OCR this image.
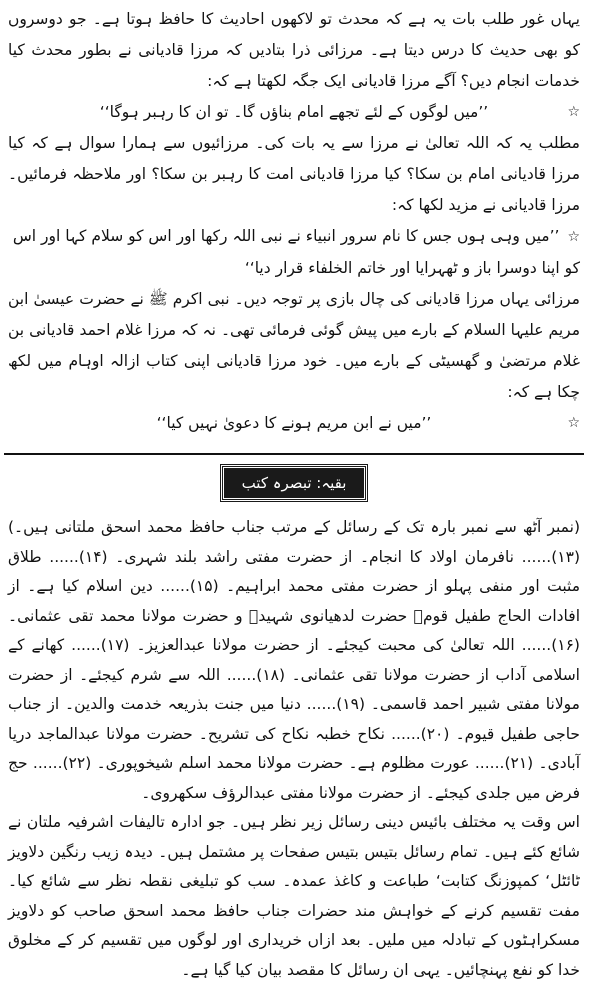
یہاں غور طلب بات یہ ہے کہ محدث تو لاکھوں احادیث کا حافظ ہوتا ہے۔ جو دوسروں کو بھی حدیث کا درس دیتا ہے۔ مرزائی ذرا بتادیں کہ مرزا قادیانی نے بطور محدث کیا خدمات انجام دیں؟ آگے مرزا قادیانی ایک جگہ لکھتا ہے کہ:

☆
’’میں لوگوں کے لئے تجھے امام بناؤں گا۔ تو ان کا رہبر ہوگا‘‘

مطلب یہ کہ اللہ تعالیٰ نے مرزا سے یہ بات کی۔ مرزائیوں سے ہمارا سوال ہے کہ کیا مرزا قادیانی امام بن سکا؟ کیا مرزا قادیانی امت کا رہبر بن سکا؟ اور ملاحظہ فرمائیں۔ مرزا قادیانی نے مزید لکھا کہ:

☆’’میں وہی ہوں جس کا نام سرور انبیاء نے نبی اللہ رکھا اور اس کو سلام کہا اور اس کو اپنا دوسرا باز و ٹھہرایا اور خاتم الخلفاء قرار دیا‘‘

مرزائی یہاں مرزا قادیانی کی چال بازی پر توجہ دیں۔ نبی اکرم ﷺ نے حضرت عیسیٰ ابن مریم علیہا السلام کے بارے میں پیش گوئی فرمائی تھی۔ نہ کہ مرزا غلام احمد قادیانی بن غلام مرتضیٰ و گھسیٹی کے بارے میں۔ خود مرزا قادیانی اپنی کتاب ازالہ اوہام میں لکھ چکا ہے کہ:

☆
’’میں نے ابن مریم ہونے کا دعویٰ نہیں کیا‘‘

بقیہ: تبصرہ کتب

(نمبر آٹھ سے نمبر بارہ تک کے رسائل کے مرتب جناب حافظ محمد اسحق ملتانی ہیں۔) (۱۳)...... نافرمان اولاد کا انجام۔ از حضرت مفتی راشد بلند شہری۔ (۱۴)...... طلاق مثبت اور منفی پہلو از حضرت مفتی محمد ابراہیم۔ (۱۵)...... دین اسلام کیا ہے۔ از افادات الحاج طفیل قومؒ حضرت لدھیانوی شہیدؒ و حضرت مولانا محمد تقی عثمانی۔ (۱۶)...... اللہ تعالیٰ کی محبت کیجئے۔ از حضرت مولانا عبدالعزیز۔ (۱۷)...... کھانے کے اسلامی آداب از حضرت مولانا تقی عثمانی۔ (۱۸)...... اللہ سے شرم کیجئے۔ از حضرت مولانا مفتی شبیر احمد قاسمی۔ (۱۹)...... دنیا میں جنت بذریعہ خدمت والدین۔ از جناب حاجی طفیل قیوم۔ (۲۰)...... نکاح خطبہ نکاح کی تشریح۔ حضرت مولانا عبدالماجد دریا آبادی۔ (۲۱)...... عورت مظلوم ہے۔ حضرت مولانا محمد اسلم شیخوپوری۔ (۲۲)...... حج فرض میں جلدی کیجئے۔ از حضرت مولانا مفتی عبدالرؤف سکھروی۔

اس وقت یہ مختلف بائیس دینی رسائل زیر نظر ہیں۔ جو ادارہ تالیفات اشرفیہ ملتان نے شائع کئے ہیں۔ تمام رسائل بتیس بتیس صفحات پر مشتمل ہیں۔ دیدہ زیب رنگین دلاویز ٹائٹل‘ کمپوزنگ کتابت‘ طباعت و کاغذ عمدہ۔ سب کو تبلیغی نقطہ نظر سے شائع کیا۔ مفت تقسیم کرنے کے خواہش مند حضرات جناب حافظ محمد اسحق صاحب کو دلاویز مسکراہٹوں کے تبادلہ میں ملیں۔ بعد ازاں خریداری اور لوگوں میں تقسیم کر کے مخلوق خدا کو نفع پہنچائیں۔ یہی ان رسائل کا مقصد بیان کیا گیا ہے۔
